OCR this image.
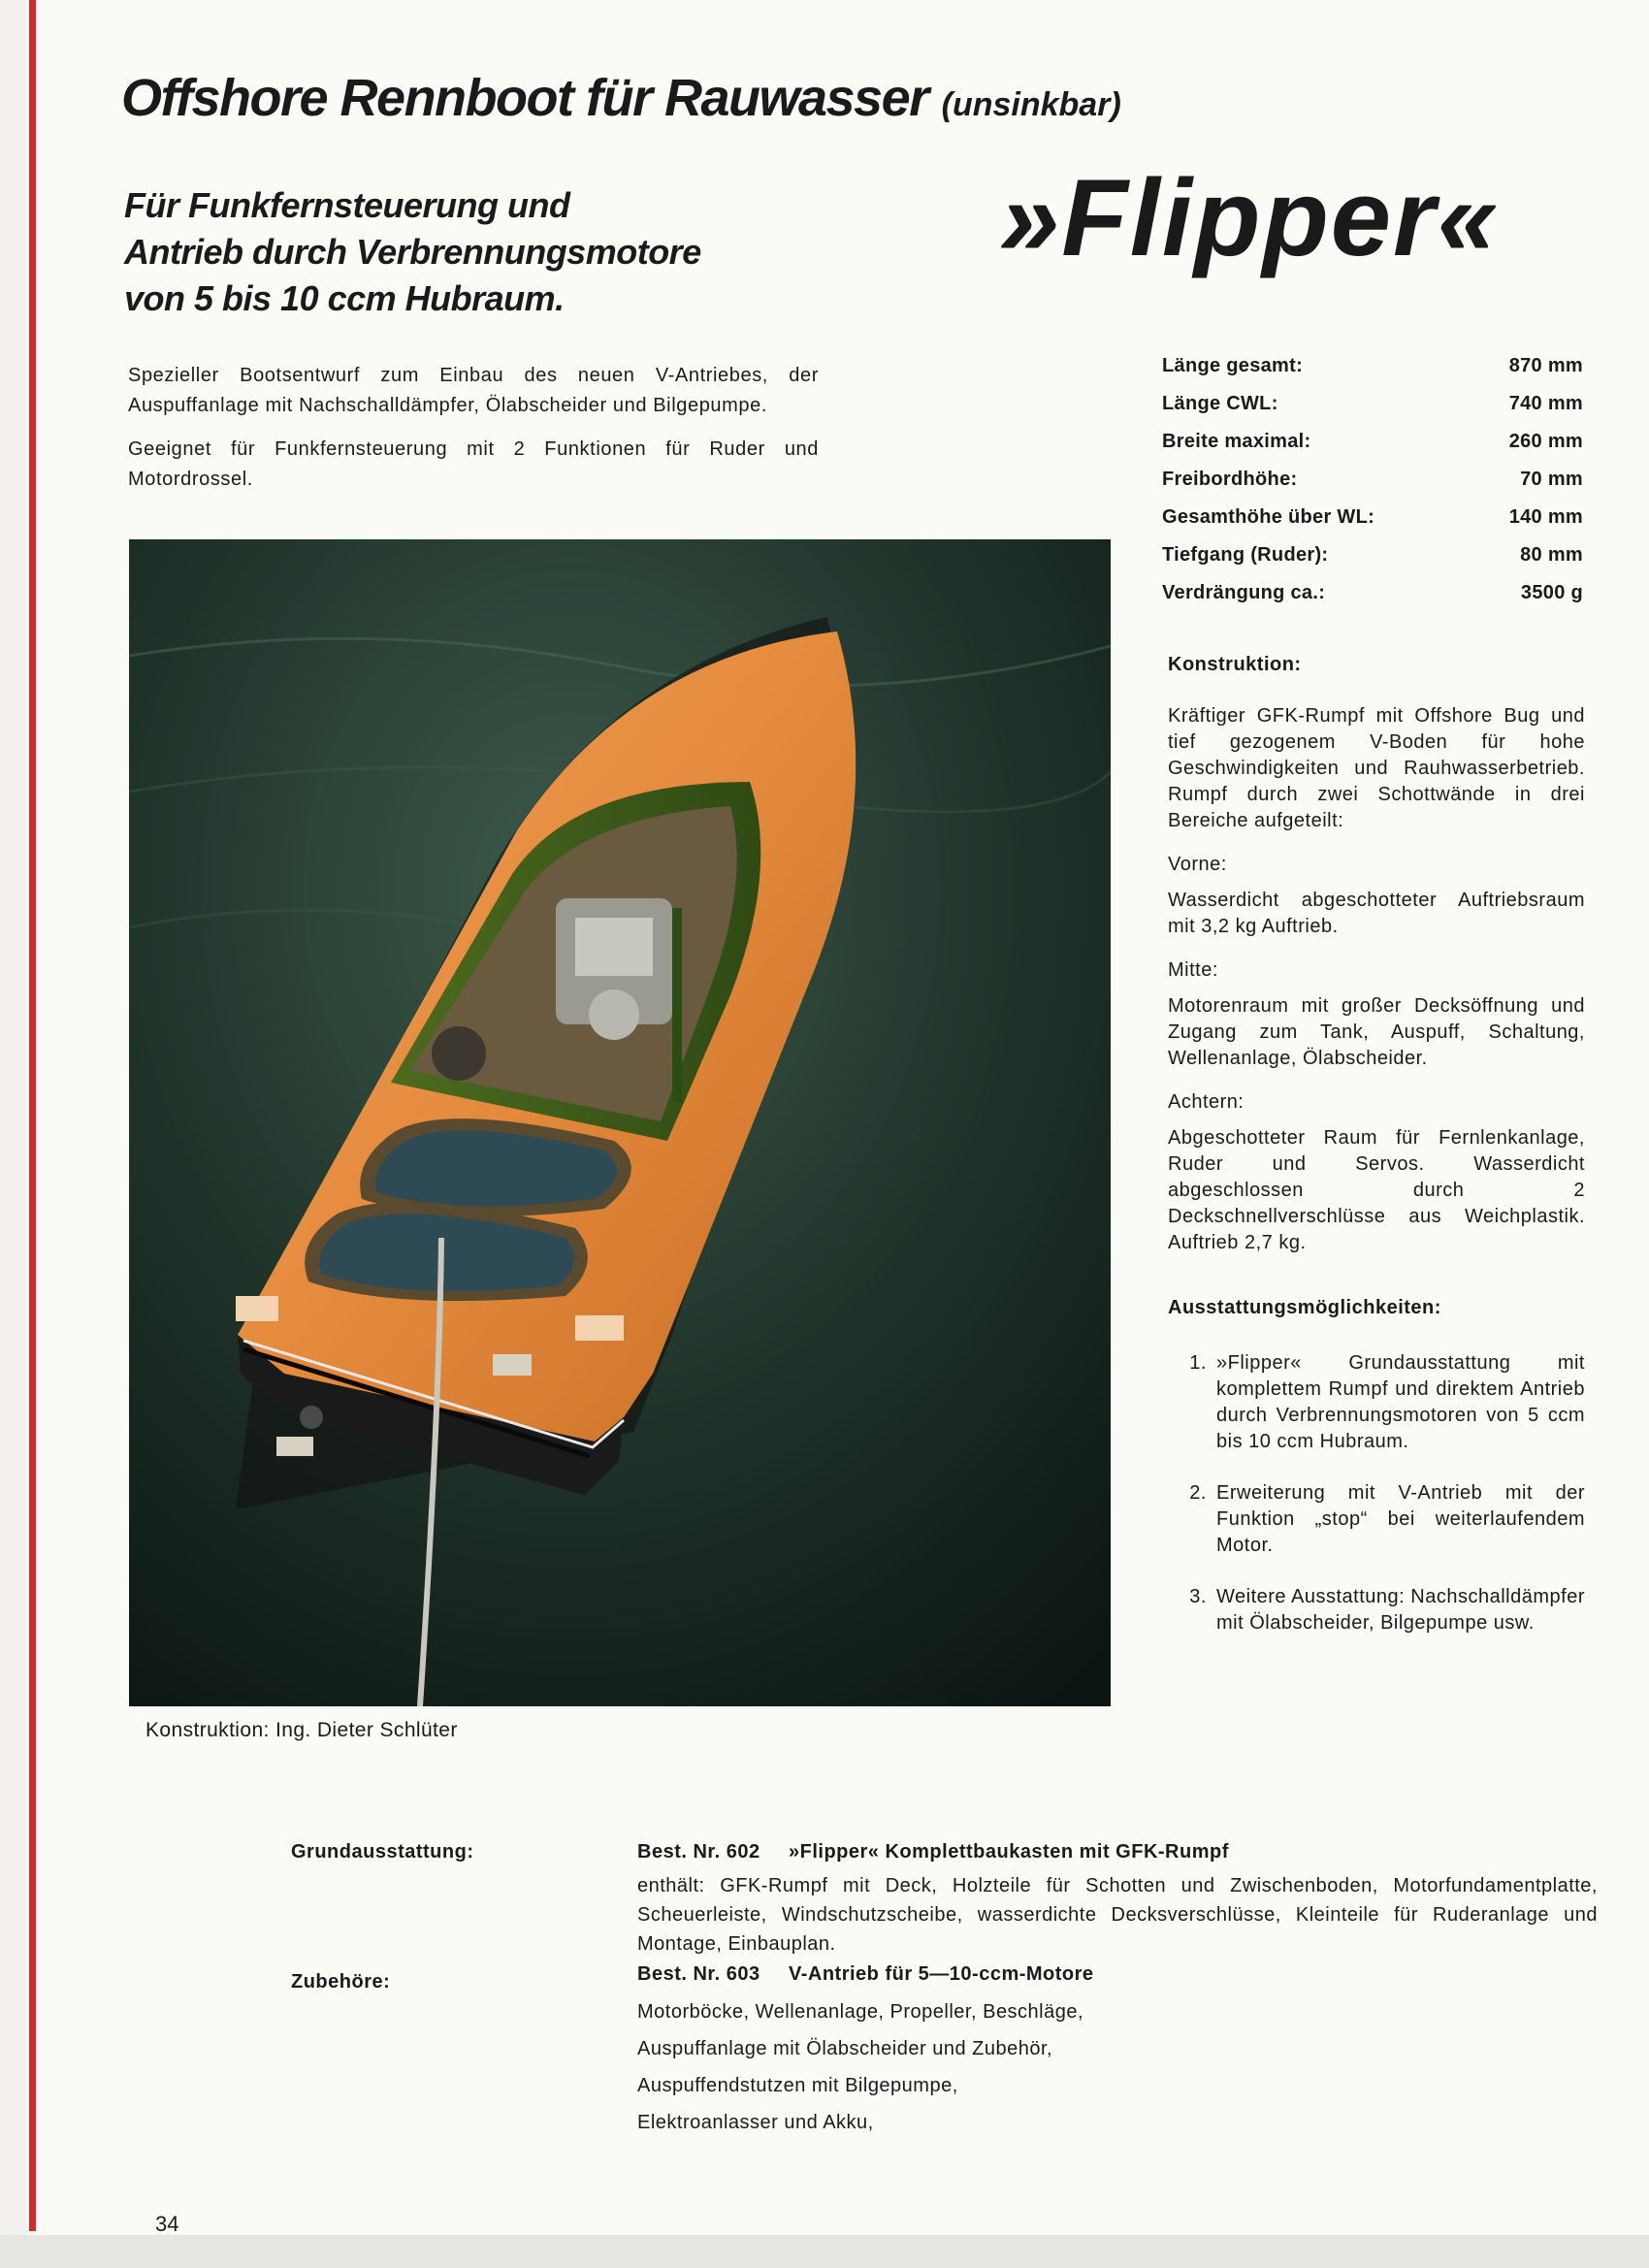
Offshore Rennboot für Rauwasser (unsinkbar)
Für Funkfernsteuerung und
Antrieb durch Verbrennungsmotore
von 5 bis 10 ccm Hubraum.
»Flipper«

Spezieller Bootsentwurf zum Einbau des neuen V-Antriebes, der Auspuffanlage mit Nachschalldämpfer, Ölabscheider und Bilgepumpe.

Geeignet für Funkfernsteuerung mit 2 Funktionen für Ruder und Motordrossel.

Konstruktion: Ing. Dieter Schlüter
Länge gesamt:	870 mm
Länge CWL:	740 mm
Breite maximal:	260 mm
Freibordhöhe:	70 mm
Gesamthöhe über WL:	140 mm
Tiefgang (Ruder):	80 mm
Verdrängung ca.:	3500 g
Konstruktion:

Kräftiger GFK-Rumpf mit Offshore Bug und tief gezogenem V-Boden für hohe Geschwindigkeiten und Rauhwasserbetrieb. Rumpf durch zwei Schottwände in drei Bereiche aufgeteilt:

Vorne:

Wasserdicht abgeschotteter Auftriebsraum mit 3,2 kg Auftrieb.

Mitte:

Motorenraum mit großer Decksöffnung und Zugang zum Tank, Auspuff, Schaltung, Wellenanlage, Ölabscheider.

Achtern:

Abgeschotteter Raum für Fernlenkanlage, Ruder und Servos. Wasserdicht abgeschlossen durch 2 Deckschnellverschlüsse aus Weichplastik. Auftrieb 2,7 kg.

Ausstattungsmöglichkeiten:
1. »Flipper« Grundausstattung mit komplettem Rumpf und direktem Antrieb durch Verbrennungsmotoren von 5 ccm bis 10 ccm Hubraum.
2. Erweiterung mit V-Antrieb mit der Funktion „stop“ bei weiterlaufendem Motor.
3. Weitere Ausstattung: Nachschalldämpfer mit Ölabscheider, Bilgepumpe usw.
Grundausstattung:	Best. Nr. 602 »Flipper« Komplettbaukasten mit GFK-Rumpf
enthält: GFK-Rumpf mit Deck, Holzteile für Schotten und Zwischenboden, Motorfundamentplatte, Scheuerleiste, Windschutzscheibe, wasserdichte Decksverschlüsse, Kleinteile für Ruderanlage und Montage, Einbauplan.
Zubehöre:	Best. Nr. 603 V-Antrieb für 5—10-ccm-Motore
Motorböcke, Wellenanlage, Propeller, Beschläge,
Auspuffanlage mit Ölabscheider und Zubehör,
Auspuffendstutzen mit Bilgepumpe,
Elektroanlasser und Akku,
34
